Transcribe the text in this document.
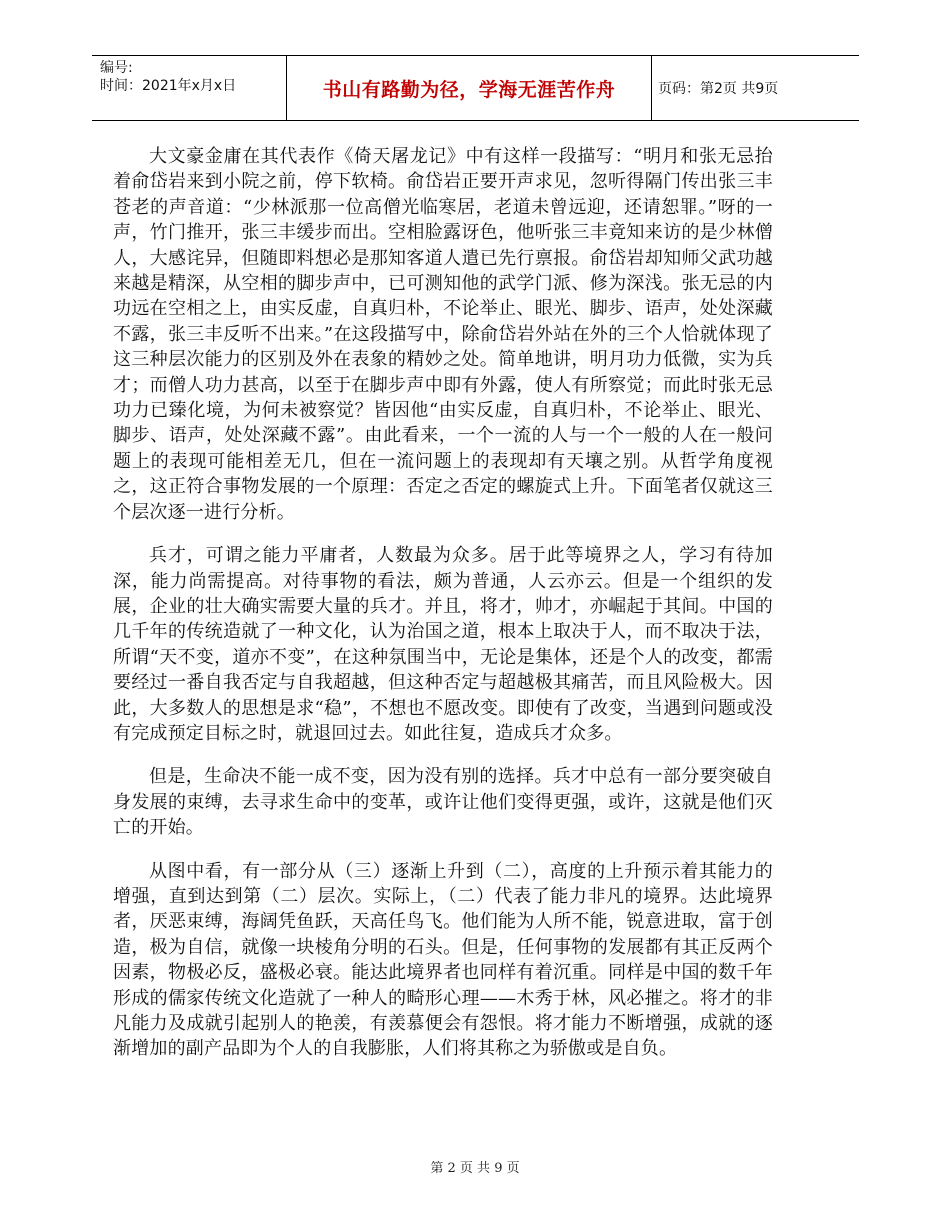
编号:
时间：2021年x月x日	书山有路勤为径，学海无涯苦作舟	页码：第2页 共9页

大文豪金庸在其代表作《倚天屠龙记》中有这样一段描写：“明月和张无忌抬着俞岱岩来到小院之前，停下软椅。俞岱岩正要开声求见，忽听得隔门传出张三丰苍老的声音道：“少林派那一位高僧光临寒居，老道未曾远迎，还请恕罪。”呀的一声，竹门推开，张三丰缓步而出。空相脸露讶色，他听张三丰竟知来访的是少林僧人，大感诧异，但随即料想必是那知客道人遣已先行禀报。俞岱岩却知师父武功越来越是精深，从空相的脚步声中，已可测知他的武学门派、修为深浅。张无忌的内功远在空相之上，由实反虚，自真归朴，不论举止、眼光、脚步、语声，处处深藏不露，张三丰反听不出来。”在这段描写中，除俞岱岩外站在外的三个人恰就体现了这三种层次能力的区别及外在表象的精妙之处。简单地讲，明月功力低微，实为兵才；而僧人功力甚高，以至于在脚步声中即有外露，使人有所察觉；而此时张无忌功力已臻化境，为何未被察觉？皆因他“由实反虚，自真归朴，不论举止、眼光、脚步、语声，处处深藏不露”。由此看来，一个一流的人与一个一般的人在一般问题上的表现可能相差无几，但在一流问题上的表现却有天壤之别。从哲学角度视之，这正符合事物发展的一个原理：否定之否定的螺旋式上升。下面笔者仅就这三个层次逐一进行分析。

兵才，可谓之能力平庸者，人数最为众多。居于此等境界之人，学习有待加深，能力尚需提高。对待事物的看法，颇为普通，人云亦云。但是一个组织的发展，企业的壮大确实需要大量的兵才。并且，将才，帅才，亦崛起于其间。中国的几千年的传统造就了一种文化，认为治国之道，根本上取决于人，而不取决于法，所谓“天不变，道亦不变”，在这种氛围当中，无论是集体，还是个人的改变，都需要经过一番自我否定与自我超越，但这种否定与超越极其痛苦，而且风险极大。因此，大多数人的思想是求“稳”，不想也不愿改变。即使有了改变，当遇到问题或没有完成预定目标之时，就退回过去。如此往复，造成兵才众多。

但是，生命决不能一成不变，因为没有别的选择。兵才中总有一部分要突破自身发展的束缚，去寻求生命中的变革，或许让他们变得更强，或许，这就是他们灭亡的开始。

从图中看，有一部分从（三）逐渐上升到（二），高度的上升预示着其能力的增强，直到达到第（二）层次。实际上，（二）代表了能力非凡的境界。达此境界者，厌恶束缚，海阔凭鱼跃，天高任鸟飞。他们能为人所不能，锐意进取，富于创造，极为自信，就像一块棱角分明的石头。但是，任何事物的发展都有其正反两个因素，物极必反，盛极必衰。能达此境界者也同样有着沉重。同样是中国的数千年形成的儒家传统文化造就了一种人的畸形心理——木秀于林，风必摧之。将才的非凡能力及成就引起别人的艳羡，有羡慕便会有怨恨。将才能力不断增强，成就的逐渐增加的副产品即为个人的自我膨胀，人们将其称之为骄傲或是自负。

第 2 页 共 9 页
